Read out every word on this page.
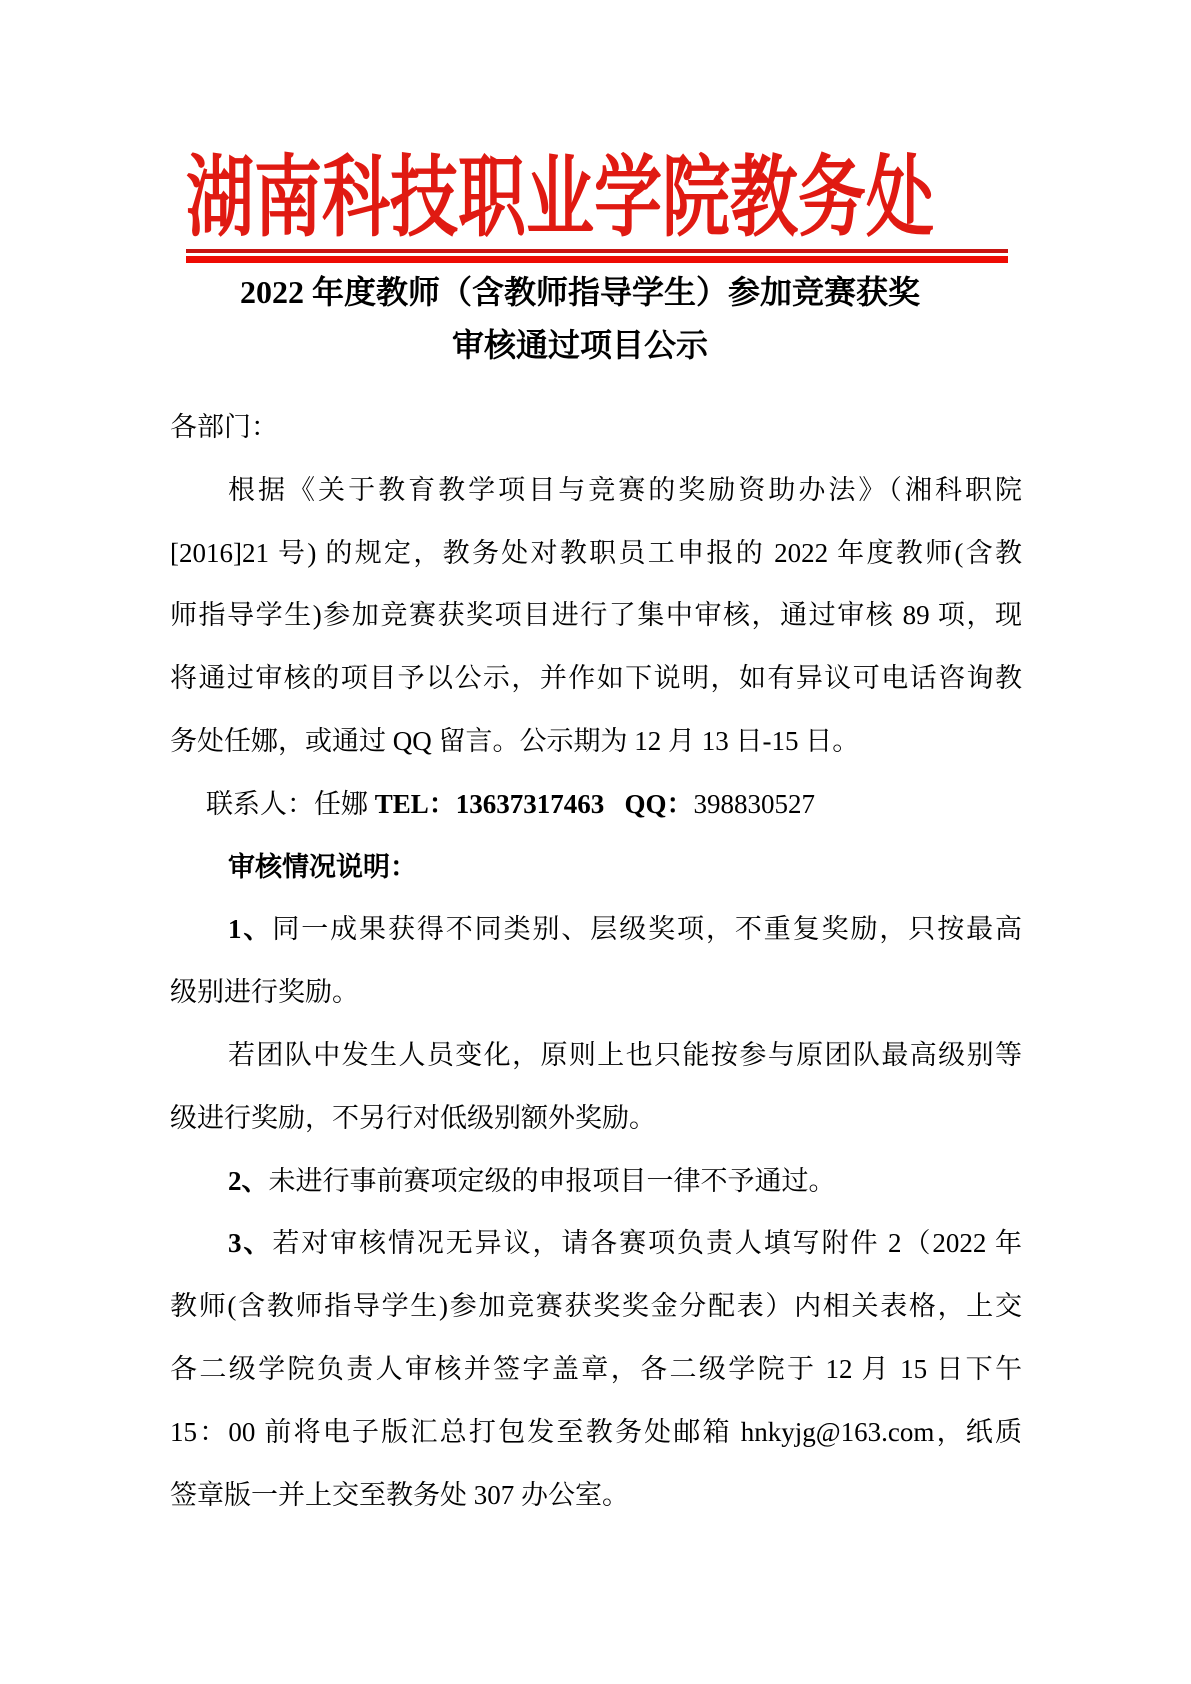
湖南科技职业学院教务处
2022 年度教师（含教师指导学生）参加竞赛获奖
审核通过项目公示
各部门：
根据《关于教育教学项目与竞赛的奖励资助办法》（湘科职院
[2016]21 号) 的规定，教务处对教职员工申报的 2022 年度教师(含教
师指导学生)参加竞赛获奖项目进行了集中审核，通过审核 89 项，现
将通过审核的项目予以公示，并作如下说明，如有异议可电话咨询教
务处任娜，或通过 QQ 留言。公示期为 12 月 13 日-15 日。
联系人：任娜 TEL：13637317463 QQ：398830527
审核情况说明：
1、同一成果获得不同类别、层级奖项，不重复奖励，只按最高
级别进行奖励。
若团队中发生人员变化，原则上也只能按参与原团队最高级别等
级进行奖励，不另行对低级别额外奖励。
2、未进行事前赛项定级的申报项目一律不予通过。
3、若对审核情况无异议，请各赛项负责人填写附件 2（2022 年
教师(含教师指导学生)参加竞赛获奖奖金分配表）内相关表格，上交
各二级学院负责人审核并签字盖章，各二级学院于 12 月 15 日下午
15：00 前将电子版汇总打包发至教务处邮箱 hnkyjg@163.com，纸质
签章版一并上交至教务处 307 办公室。
